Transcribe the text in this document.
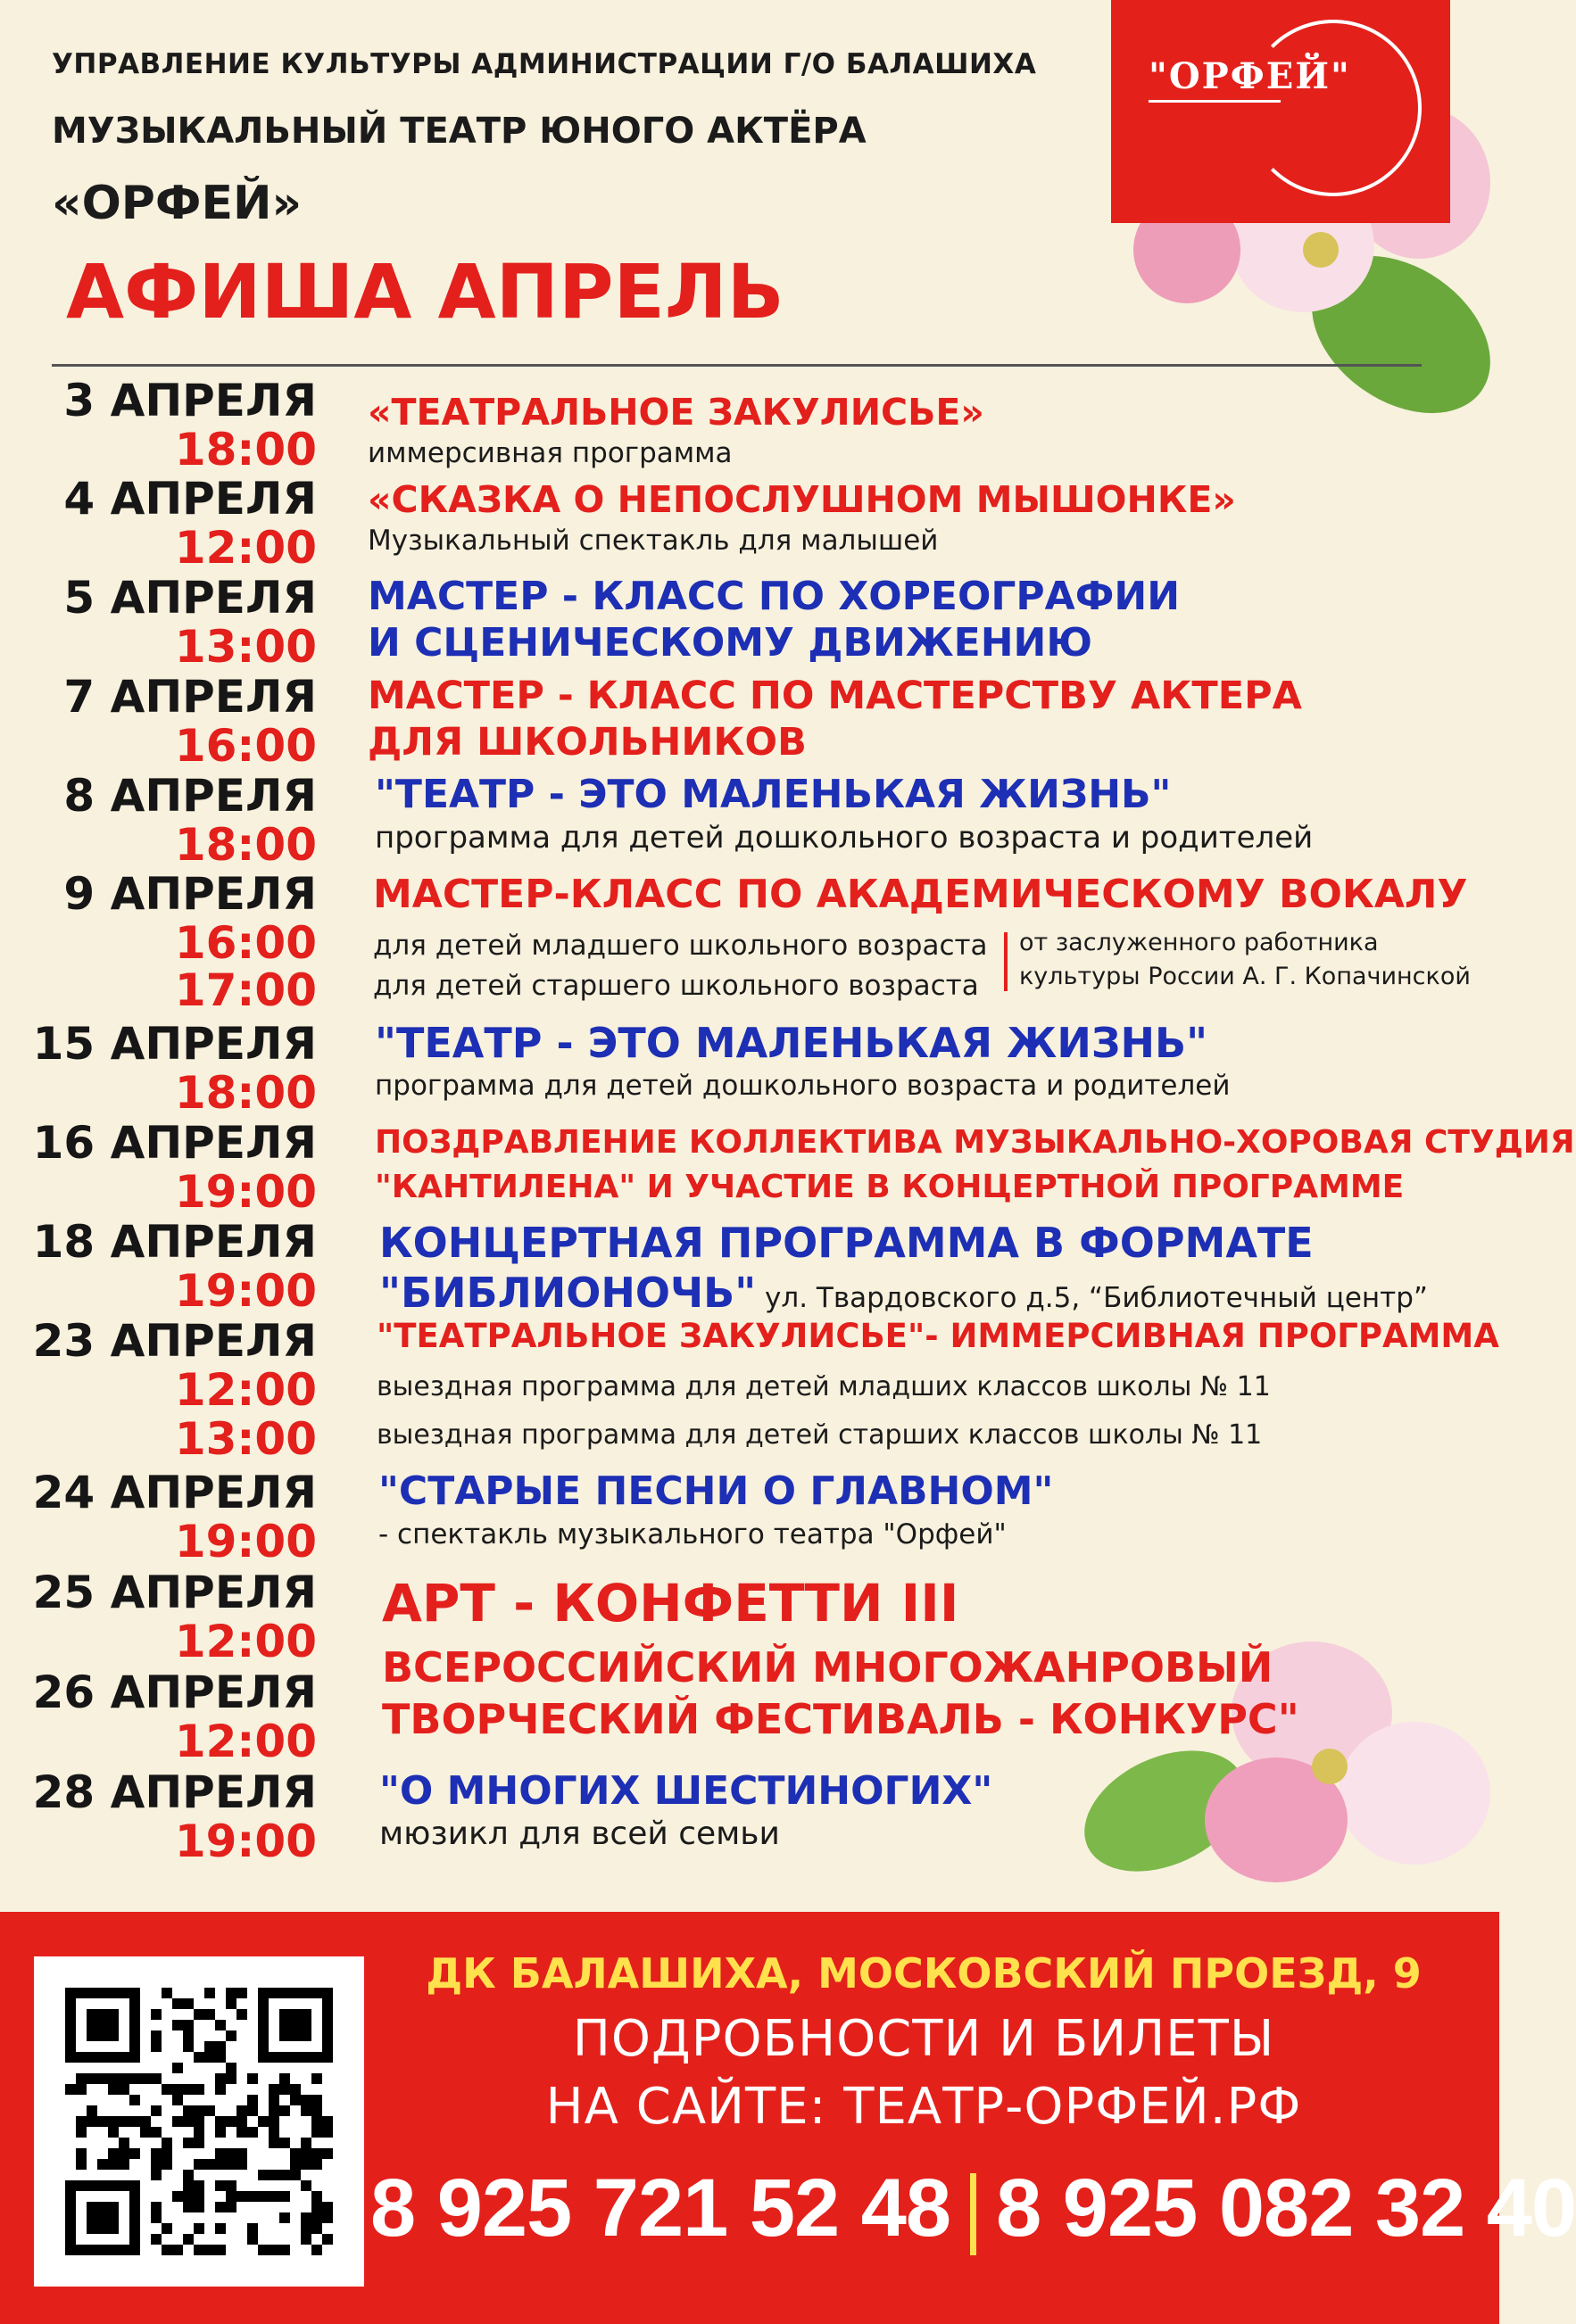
"ОРФЕЙ"
УПРАВЛЕНИЕ КУЛЬТУРЫ АДМИНИСТРАЦИИ Г/О БАЛАШИХА
МУЗЫКАЛЬНЫЙ ТЕАТР ЮНОГО АКТЁРА
«ОРФЕЙ»
АФИША АПРЕЛЬ
3 АПРЕЛЯ
18:00
«ТЕАТРАЛЬНОЕ ЗАКУЛИСЬЕ»
иммерсивная программа
4 АПРЕЛЯ
12:00
«СКАЗКА О НЕПОСЛУШНОМ МЫШОНКЕ»
Музыкальный спектакль для малышей
5 АПРЕЛЯ
13:00
МАСТЕР - КЛАСС ПО ХОРЕОГРАФИИ
И СЦЕНИЧЕСКОМУ ДВИЖЕНИЮ
7 АПРЕЛЯ
16:00
МАСТЕР - КЛАСС ПО МАСТЕРСТВУ АКТЕРА
ДЛЯ ШКОЛЬНИКОВ
8 АПРЕЛЯ
18:00
"ТЕАТР - ЭТО МАЛЕНЬКАЯ ЖИЗНЬ"
программа для детей дошкольного возраста и родителей
9 АПРЕЛЯ
16:00
17:00
МАСТЕР-КЛАСС ПО АКАДЕМИЧЕСКОМУ ВОКАЛУ
для детей младшего школьного возраста
для детей старшего школьного возраста
от заслуженного работника
культуры России А. Г. Копачинской
15 АПРЕЛЯ
18:00
"ТЕАТР - ЭТО МАЛЕНЬКАЯ ЖИЗНЬ"
программа для детей дошкольного возраста и родителей
16 АПРЕЛЯ
19:00
ПОЗДРАВЛЕНИЕ КОЛЛЕКТИВА МУЗЫКАЛЬНО-ХОРОВАЯ СТУДИЯ
"КАНТИЛЕНА" И УЧАСТИЕ В КОНЦЕРТНОЙ ПРОГРАММЕ
18 АПРЕЛЯ
19:00
КОНЦЕРТНАЯ ПРОГРАММА В ФОРМАТЕ
"БИБЛИОНОЧЬ" ул. Твардовского д.5, “Библиотечный центр”
23 АПРЕЛЯ
12:00
13:00
"ТЕАТРАЛЬНОЕ ЗАКУЛИСЬЕ"- ИММЕРСИВНАЯ ПРОГРАММА
выездная программа для детей младших классов школы № 11
выездная программа для детей старших классов школы № 11
24 АПРЕЛЯ
19:00
"СТАРЫЕ ПЕСНИ О ГЛАВНОМ"
- спектакль музыкального театра "Орфей"
25 АПРЕЛЯ
12:00
АРТ - КОНФЕТТИ III
26 АПРЕЛЯ
12:00
ВСЕРОССИЙСКИЙ МНОГОЖАНРОВЫЙ
ТВОРЧЕСКИЙ ФЕСТИВАЛЬ - КОНКУРС"
28 АПРЕЛЯ
19:00
"О МНОГИХ ШЕСТИНОГИХ"
мюзикл для всей семьи
ДК БАЛАШИХА, МОСКОВСКИЙ ПРОЕЗД, 9
ПОДРОБНОСТИ И БИЛЕТЫ
НА САЙТЕ: ТЕАТР-ОРФЕЙ.РФ
8 925 721 52 48 8 925 082 32 40
